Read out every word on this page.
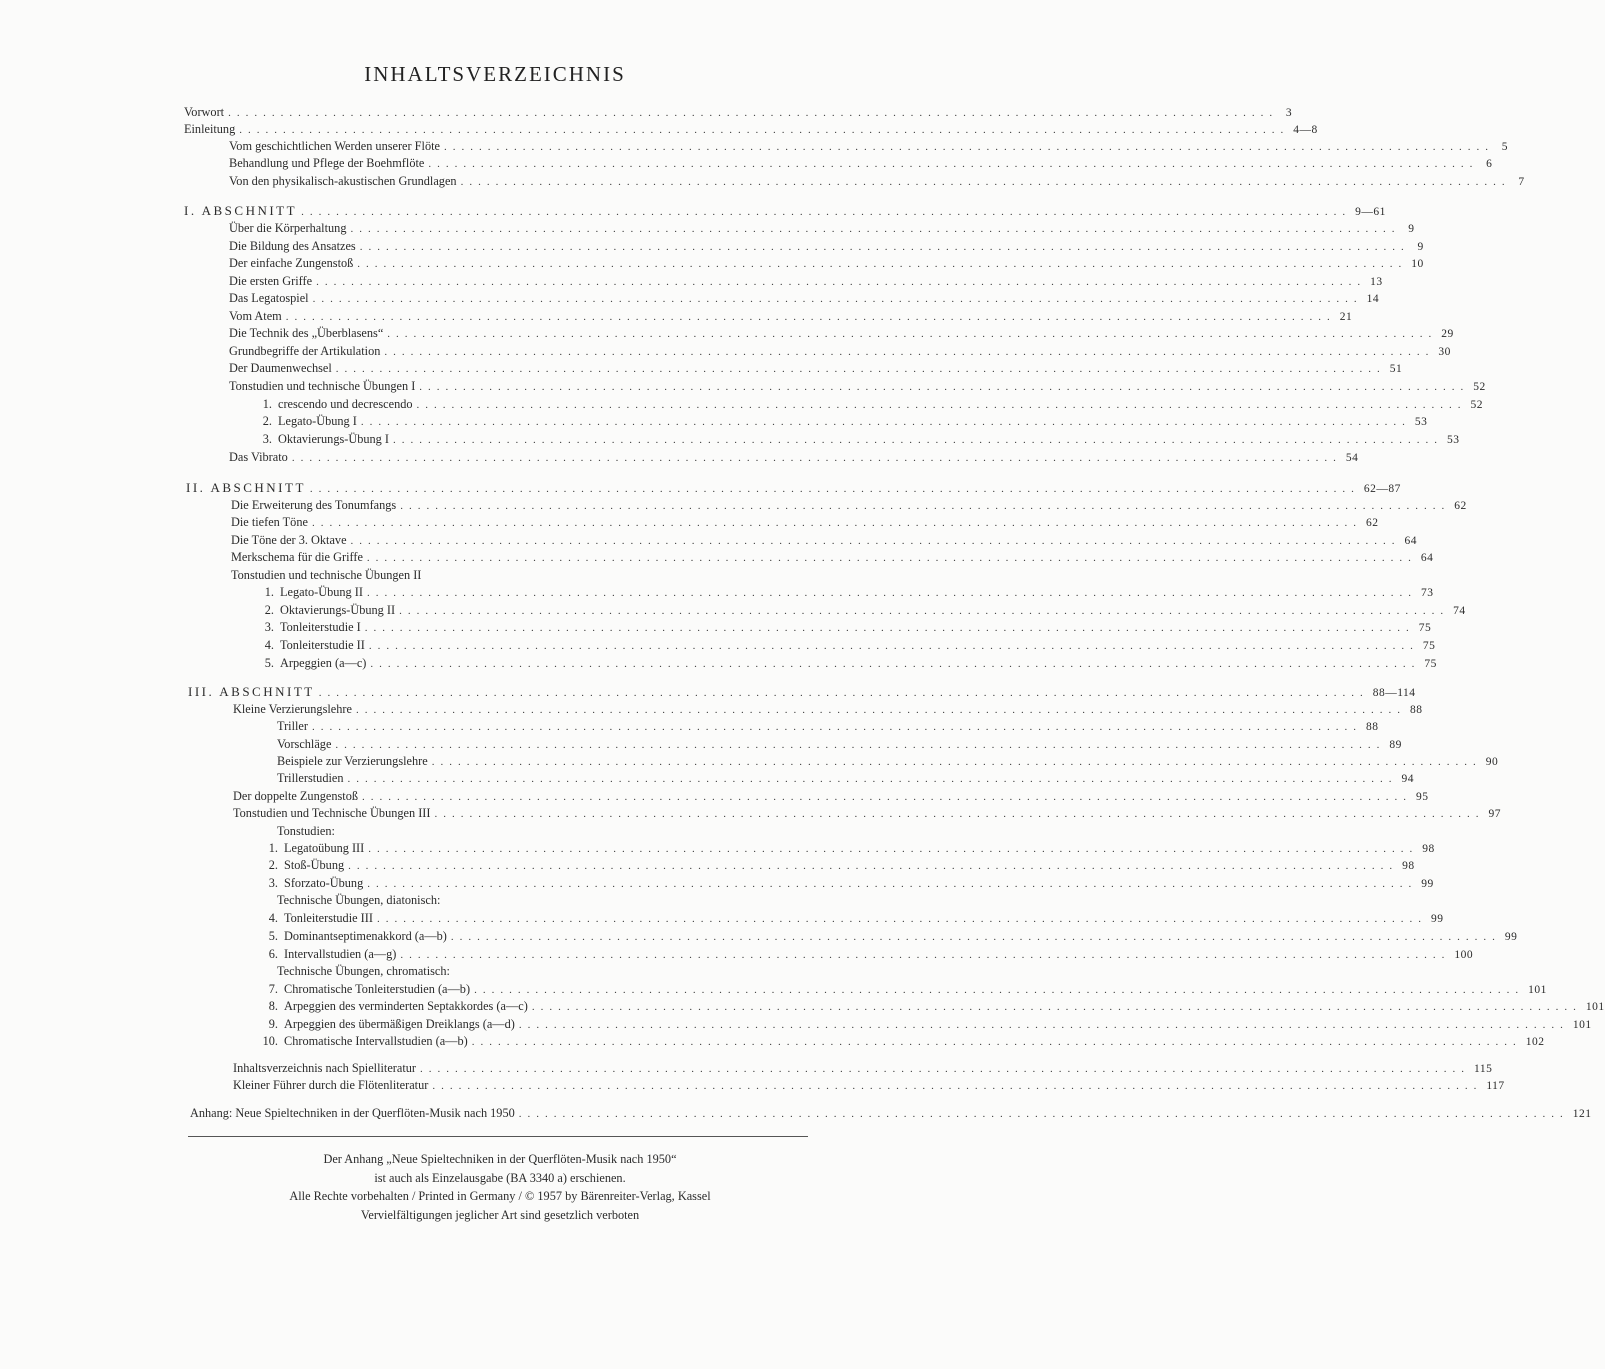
INHALTSVERZEICHNIS
Vorwort ........................................................................................................................ 3
Einleitung ........................................................................................................................ 4—8
Vom geschichtlichen Werden unserer Flöte ........................................................................................................................ 5
Behandlung und Pflege der Boehmflöte ........................................................................................................................ 6
Von den physikalisch-akustischen Grundlagen ........................................................................................................................ 7
I. ABSCHNITT ........................................................................................................................ 9—61
Über die Körperhaltung ........................................................................................................................ 9
Die Bildung des Ansatzes ........................................................................................................................ 9
Der einfache Zungenstoß ........................................................................................................................ 10
Die ersten Griffe ........................................................................................................................ 13
Das Legatospiel ........................................................................................................................ 14
Vom Atem ........................................................................................................................ 21
Die Technik des „Überblasens“ ........................................................................................................................ 29
Grundbegriffe der Artikulation ........................................................................................................................ 30
Der Daumenwechsel ........................................................................................................................ 51
Tonstudien und technische Übungen I ........................................................................................................................ 52
1. crescendo und decrescendo ........................................................................................................................ 52
2. Legato-Übung I ........................................................................................................................ 53
3. Oktavierungs-Übung I ........................................................................................................................ 53
Das Vibrato ........................................................................................................................ 54
II. ABSCHNITT ........................................................................................................................ 62—87
Die Erweiterung des Tonumfangs ........................................................................................................................ 62
Die tiefen Töne ........................................................................................................................ 62
Die Töne der 3. Oktave ........................................................................................................................ 64
Merkschema für die Griffe ........................................................................................................................ 64
Tonstudien und technische Übungen II
1. Legato-Übung II ........................................................................................................................ 73
2. Oktavierungs-Übung II ........................................................................................................................ 74
3. Tonleiterstudie I ........................................................................................................................ 75
4. Tonleiterstudie II ........................................................................................................................ 75
5. Arpeggien (a—c) ........................................................................................................................ 75
III. ABSCHNITT ........................................................................................................................ 88—114
Kleine Verzierungslehre ........................................................................................................................ 88
Triller ........................................................................................................................ 88
Vorschläge ........................................................................................................................ 89
Beispiele zur Verzierungslehre ........................................................................................................................ 90
Trillerstudien ........................................................................................................................ 94
Der doppelte Zungenstoß ........................................................................................................................ 95
Tonstudien und Technische Übungen III ........................................................................................................................ 97
Tonstudien:
1. Legatoübung III ........................................................................................................................ 98
2. Stoß-Übung ........................................................................................................................ 98
3. Sforzato-Übung ........................................................................................................................ 99
Technische Übungen, diatonisch:
4. Tonleiterstudie III ........................................................................................................................ 99
5. Dominantseptimenakkord (a—b) ........................................................................................................................ 99
6. Intervallstudien (a—g) ........................................................................................................................ 100
Technische Übungen, chromatisch:
7. Chromatische Tonleiterstudien (a—b) ........................................................................................................................ 101
8. Arpeggien des verminderten Septakkordes (a—c) ........................................................................................................................ 101
9. Arpeggien des übermäßigen Dreiklangs (a—d) ........................................................................................................................ 101
10. Chromatische Intervallstudien (a—b) ........................................................................................................................ 102
Inhaltsverzeichnis nach Spielliteratur ........................................................................................................................ 115
Kleiner Führer durch die Flötenliteratur ........................................................................................................................ 117
Anhang: Neue Spieltechniken in der Querflöten-Musik nach 1950 ........................................................................................................................ 121
Der Anhang „Neue Spieltechniken in der Querflöten-Musik nach 1950“
ist auch als Einzelausgabe (BA 3340 a) erschienen.
Alle Rechte vorbehalten / Printed in Germany / © 1957 by Bärenreiter-Verlag, Kassel
Vervielfältigungen jeglicher Art sind gesetzlich verboten
